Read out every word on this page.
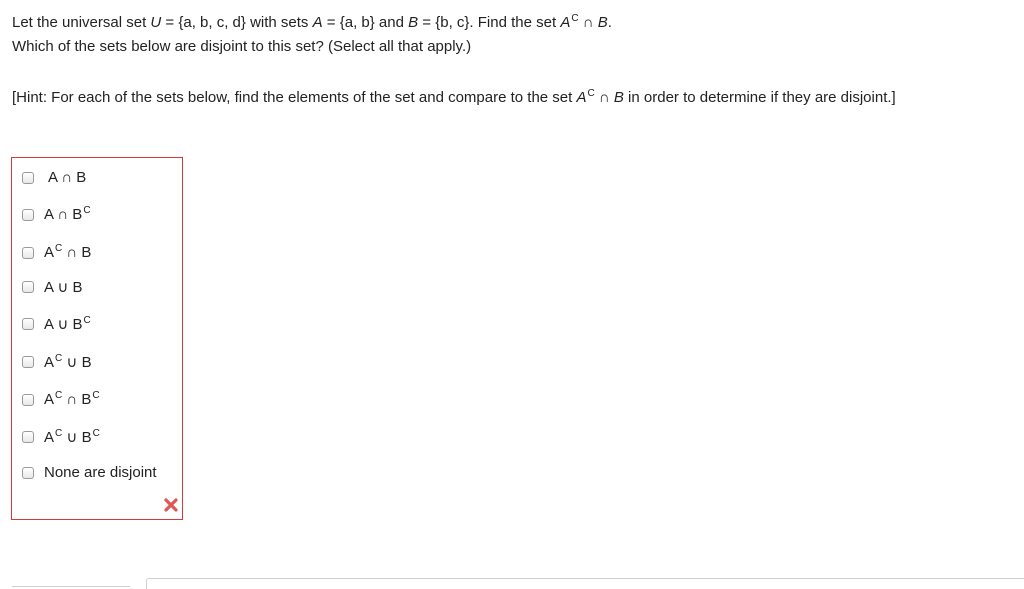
Let the universal set U = {a, b, c, d} with sets A = {a, b} and B = {b, c}. Find the set $A^C$ ∩ B.
Which of the sets below are disjoint to this set? (Select all that apply.)
[Hint: For each of the sets below, find the elements of the set and compare to the set $A^C$ ∩ B in order to determine if they are disjoint.]
A ∩ B
A ∩ $B^C$
$A^C$ ∩ B
A ∪ B
A ∪ $B^C$
$A^C$ ∪ B
$A^C$ ∩ $B^C$
$A^C$ ∪ $B^C$
None are disjoint
